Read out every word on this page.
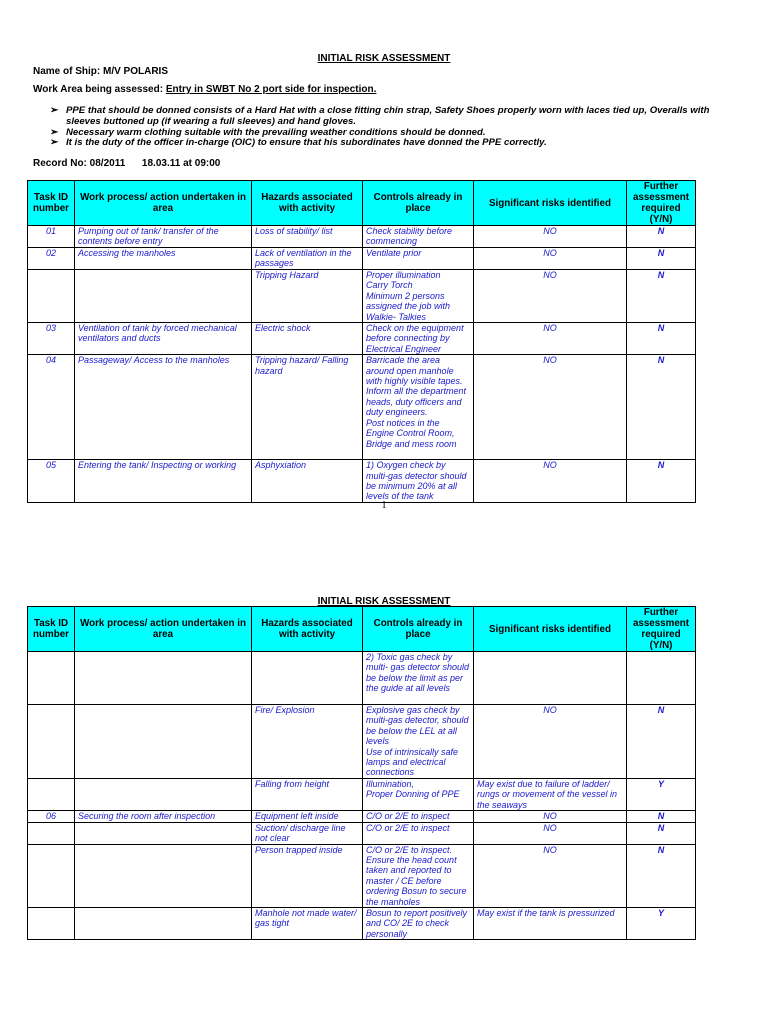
INITIAL RISK ASSESSMENT
Name of Ship: M/V POLARIS
Work Area being assessed: Entry in SWBT No 2 port side for inspection.
➢ PPE that should be donned consists of a Hard Hat with a close fitting chin strap, Safety Shoes properly worn with laces tied up, Overalls with sleeves buttoned up (if wearing a full sleeves) and hand gloves.
➢ Necessary warm clothing suitable with the prevailing weather conditions should be donned.
➢ It is the duty of the officer in-charge (OIC) to ensure that his subordinates have donned the PPE correctly.
Record No: 08/2011      18.03.11 at 09:00
Task ID number	Work process/ action undertaken in area	Hazards associated with activity	Controls already in place	Significant risks identified	Further assessment required (Y/N)
01	Pumping out of tank/ transfer of the contents before entry	Loss of stability/ list	Check stability before commencing	NO	N
02	Accessing the manholes	Lack of ventilation in the passages	Ventilate prior	NO	N
		Tripping Hazard	Proper illumination
Carry Torch
Minimum 2 persons assigned the job with Walkie- Talkies	NO	N
03	Ventilation of tank by forced mechanical ventilators and ducts	Electric shock	Check on the equipment before connecting by Electrical Engineer	NO	N
04	Passageway/ Access to the manholes	Tripping hazard/ Falling hazard	Barricade the area around open manhole with highly visible tapes.
Inform all the department heads, duty officers and duty engineers.
Post notices in the Engine Control Room, Bridge and mess room	NO	N
05	Entering the tank/ Inspecting or working	Asphyxiation	1) Oxygen check by multi-gas detector should be minimum 20% at all levels of the tank	NO	N
1
INITIAL RISK ASSESSMENT
Task ID number	Work process/ action undertaken in area	Hazards associated with activity	Controls already in place	Significant risks identified	Further assessment required (Y/N)
			2) Toxic gas check by multi- gas detector should be below the limit as per the guide at all levels		
		Fire/ Explosion	Explosive gas check by multi-gas detector, should be below the LEL at all levels
Use of intrinsically safe lamps and electrical connections	NO	N
		Falling from height	Illumination,
Proper Donning of PPE	May exist due to failure of ladder/ rungs or movement of the vessel in the seaways	Y
06	Securing the room after inspection	Equipment left inside	C/O or 2/E to inspect	NO	N
		Suction/ discharge line not clear	C/O or 2/E to inspect	NO	N
		Person trapped inside	C/O or 2/E to inspect.
Ensure the head count taken and reported to master / CE before ordering Bosun to secure the manholes	NO	N
		Manhole not made water/ gas tight	Bosun to report positively and CO/ 2E to check personally	May exist if the tank is pressurized	Y
